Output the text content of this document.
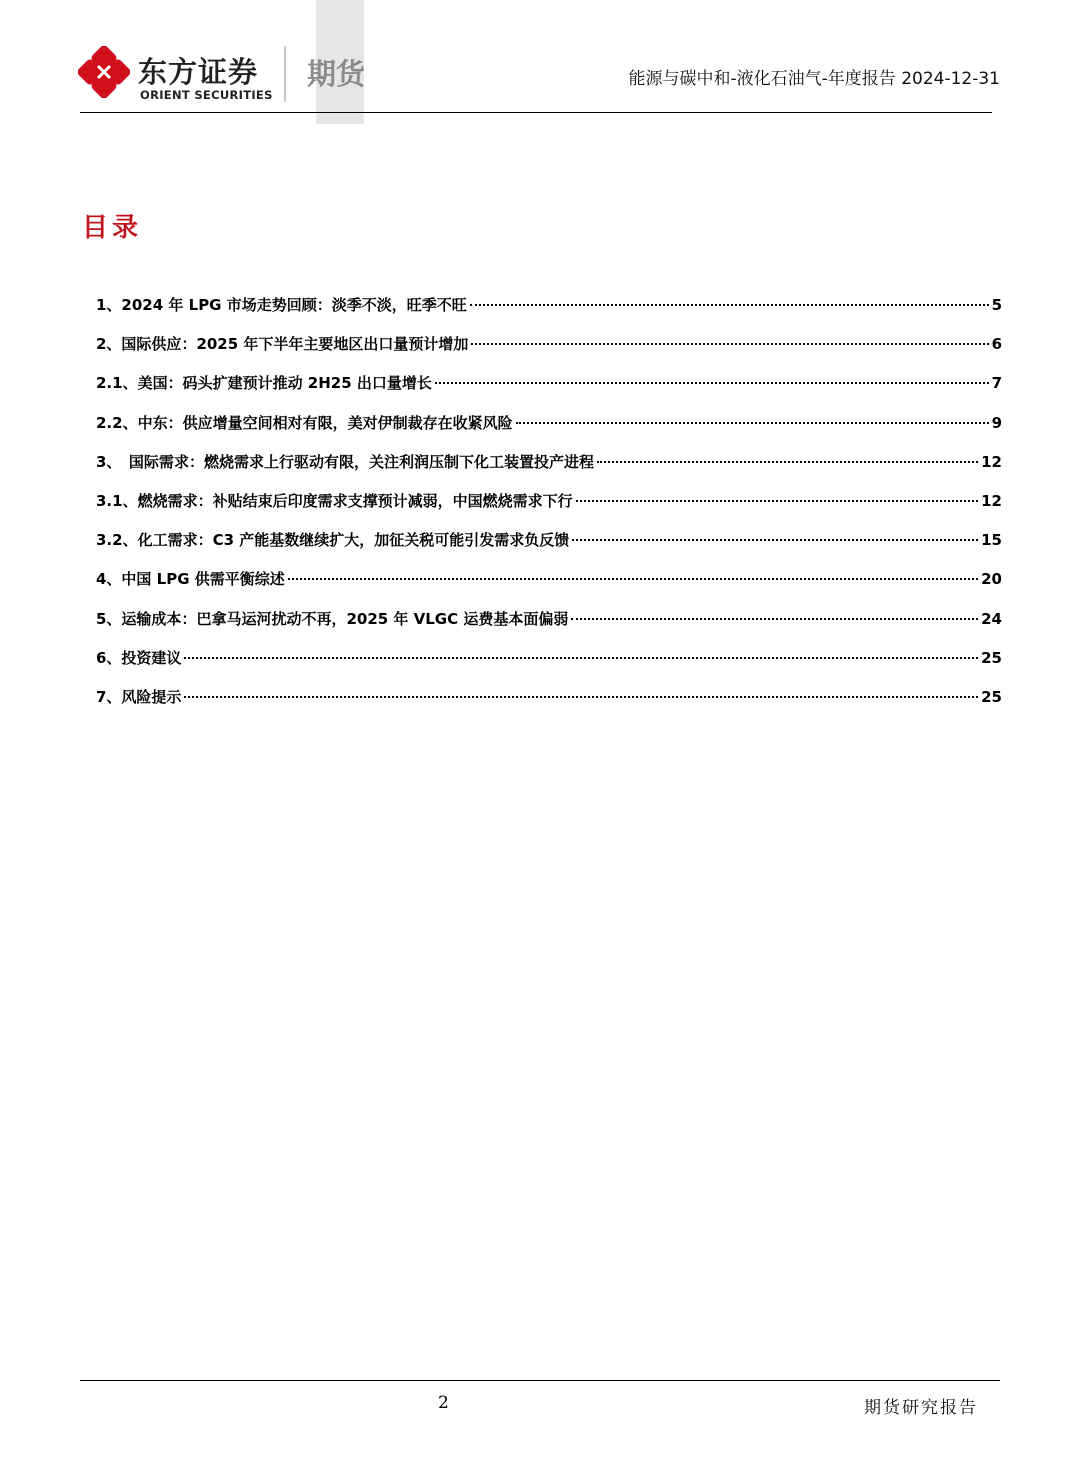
东方证券
ORIENT SECURITIES
期货	能源与碳中和-液化石油气-年度报告 2024-12-31
目录
1、2024 年 LPG 市场走势回顾：淡季不淡，旺季不旺	5
2、国际供应：2025 年下半年主要地区出口量预计增加	6
2.1、美国：码头扩建预计推动 2H25 出口量增长	7
2.2、中东：供应增量空间相对有限，美对伊制裁存在收紧风险	9
3、　国际需求：燃烧需求上行驱动有限，关注利润压制下化工装置投产进程	12
3.1、燃烧需求：补贴结束后印度需求支撑预计减弱，中国燃烧需求下行	12
3.2、化工需求：C3 产能基数继续扩大，加征关税可能引发需求负反馈	15
4、中国 LPG 供需平衡综述	20
5、运输成本：巴拿马运河扰动不再，2025 年 VLGC 运费基本面偏弱	24
6、投资建议	25
7、风险提示	25
2	期货研究报告
